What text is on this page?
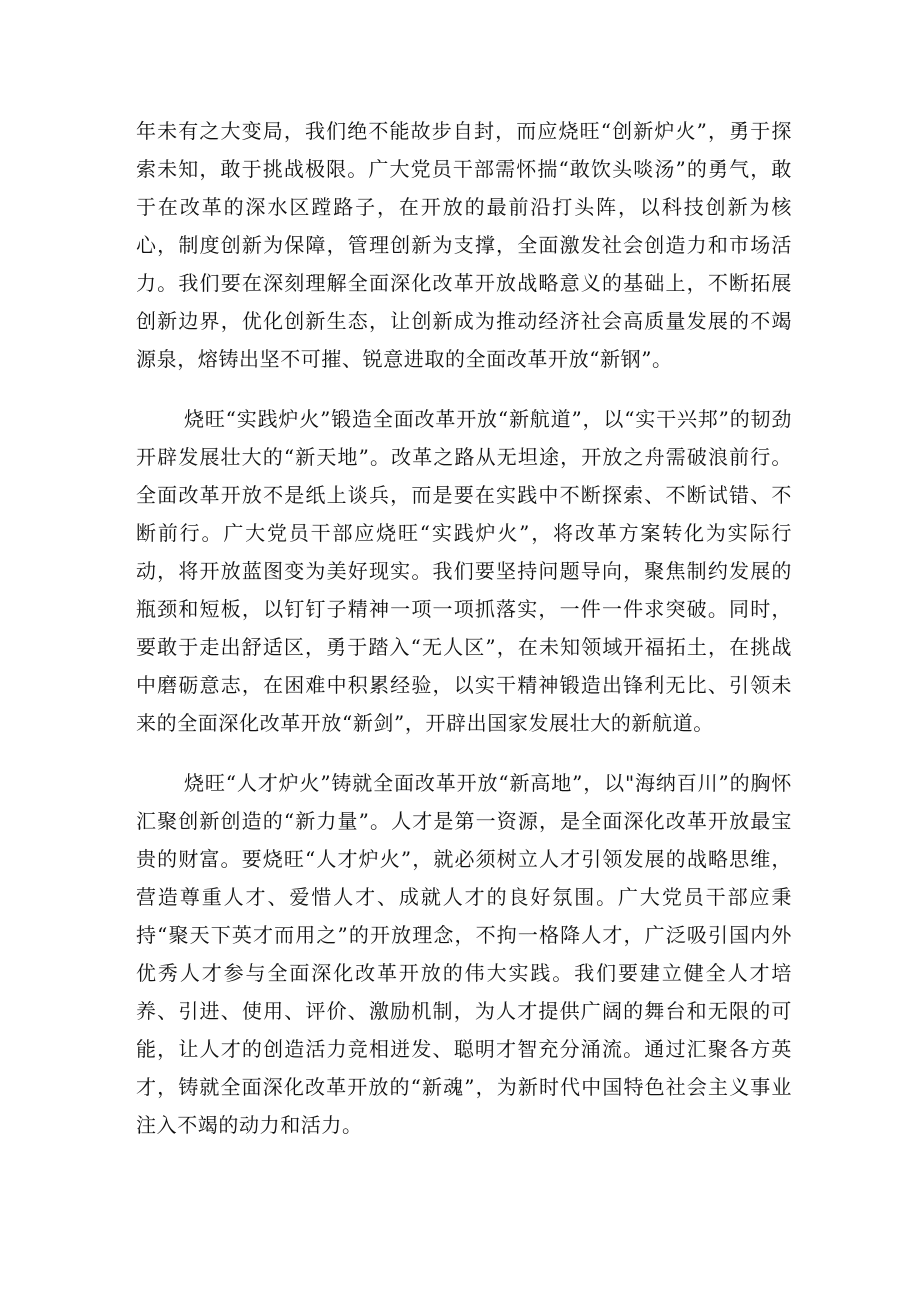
年未有之大变局，我们绝不能故步自封，而应烧旺“创新炉火”，勇于探索未知，敢于挑战极限。广大党员干部需怀揣“敢饮头啖汤”的勇气，敢于在改革的深水区蹚路子，在开放的最前沿打头阵，以科技创新为核心，制度创新为保障，管理创新为支撑，全面激发社会创造力和市场活力。我们要在深刻理解全面深化改革开放战略意义的基础上，不断拓展创新边界，优化创新生态，让创新成为推动经济社会高质量发展的不竭源泉，熔铸出坚不可摧、锐意进取的全面改革开放“新钢”。

烧旺“实践炉火”锻造全面改革开放“新航道”，以“实干兴邦”的韧劲开辟发展壮大的“新天地”。改革之路从无坦途，开放之舟需破浪前行。全面改革开放不是纸上谈兵，而是要在实践中不断探索、不断试错、不断前行。广大党员干部应烧旺“实践炉火”，将改革方案转化为实际行动，将开放蓝图变为美好现实。我们要坚持问题导向，聚焦制约发展的瓶颈和短板，以钉钉子精神一项一项抓落实，一件一件求突破。同时，要敢于走出舒适区，勇于踏入“无人区”，在未知领域开福拓土，在挑战中磨砺意志，在困难中积累经验，以实干精神锻造出锋利无比、引领未来的全面深化改革开放“新剑”，开辟出国家发展壮大的新航道。

烧旺“人才炉火”铸就全面改革开放“新高地”，以"海纳百川”的胸怀汇聚创新创造的“新力量”。人才是第一资源，是全面深化改革开放最宝贵的财富。要烧旺“人才炉火”，就必须树立人才引领发展的战略思维，营造尊重人才、爱惜人才、成就人才的良好氛围。广大党员干部应秉持“聚天下英才而用之”的开放理念，不拘一格降人才，广泛吸引国内外优秀人才参与全面深化改革开放的伟大实践。我们要建立健全人才培养、引进、使用、评价、激励机制，为人才提供广阔的舞台和无限的可能，让人才的创造活力竞相迸发、聪明才智充分涌流。通过汇聚各方英才，铸就全面深化改革开放的“新魂”，为新时代中国特色社会主义事业注入不竭的动力和活力。
